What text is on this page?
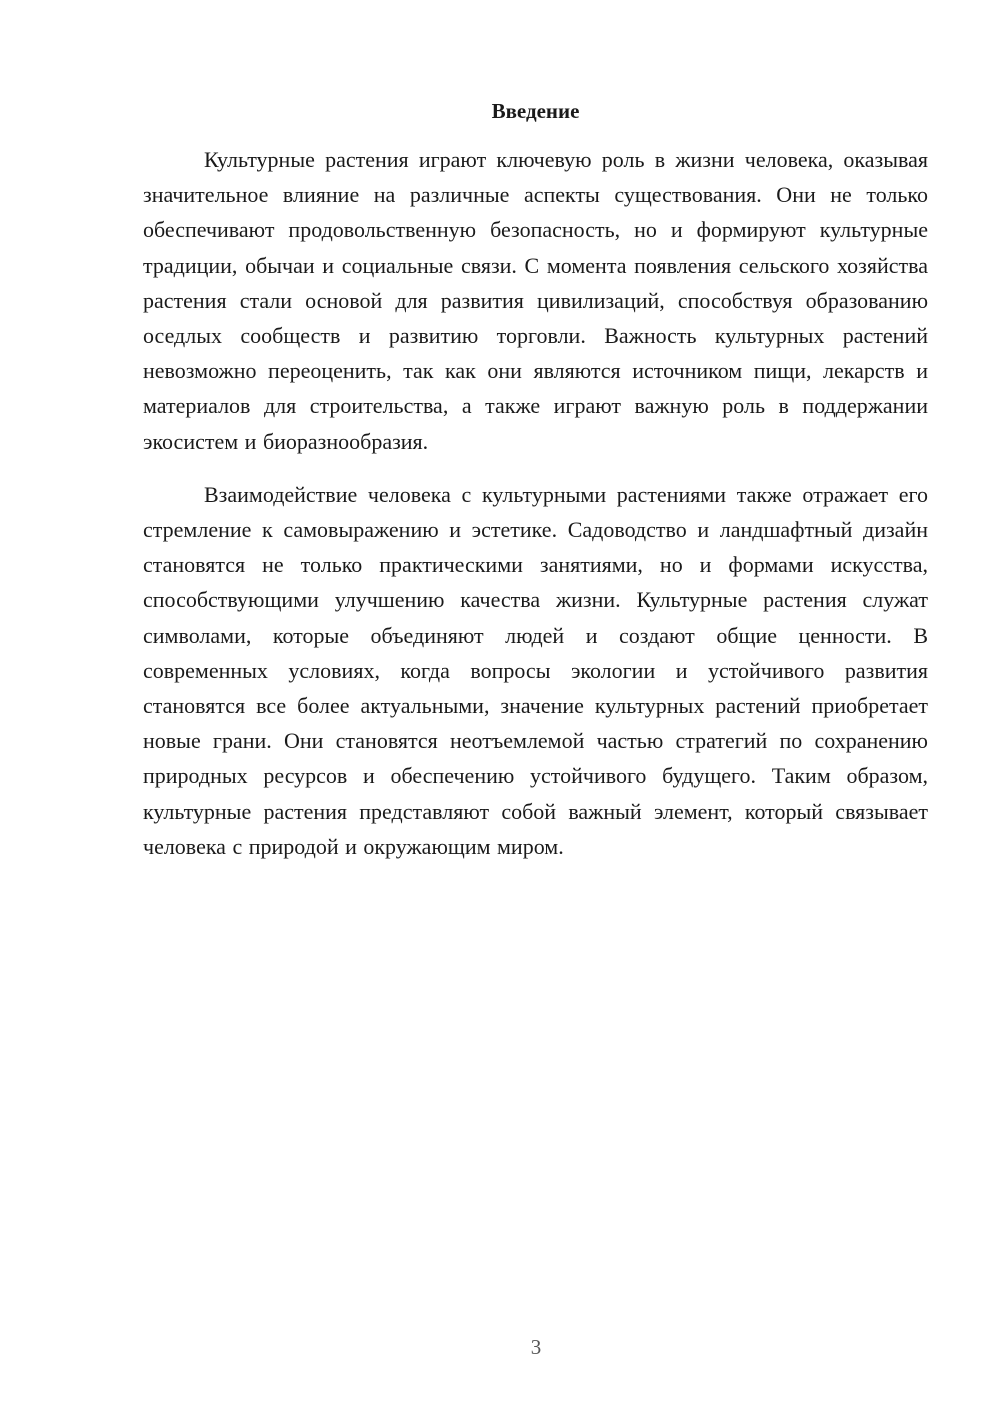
Введение

Культурные растения играют ключевую роль в жизни человека, оказывая значительное влияние на различные аспекты существования. Они не только обеспечивают продовольственную безопасность, но и формируют культурные традиции, обычаи и социальные связи. С момента появления сельского хозяйства растения стали основой для развития цивилизаций, способствуя образованию оседлых сообществ и развитию торговли. Важность культурных растений невозможно переоценить, так как они являются источником пищи, лекарств и материалов для строительства, а также играют важную роль в поддержании экосистем и биоразнообразия.

Взаимодействие человека с культурными растениями также отражает его стремление к самовыражению и эстетике. Садоводство и ландшафтный дизайн становятся не только практическими занятиями, но и формами искусства, способствующими улучшению качества жизни. Культурные растения служат символами, которые объединяют людей и создают общие ценности. В современных условиях, когда вопросы экологии и устойчивого развития становятся все более актуальными, значение культурных растений приобретает новые грани. Они становятся неотъемлемой частью стратегий по сохранению природных ресурсов и обеспечению устойчивого будущего. Таким образом, культурные растения представляют собой важный элемент, который связывает человека с природой и окружающим миром.

3
